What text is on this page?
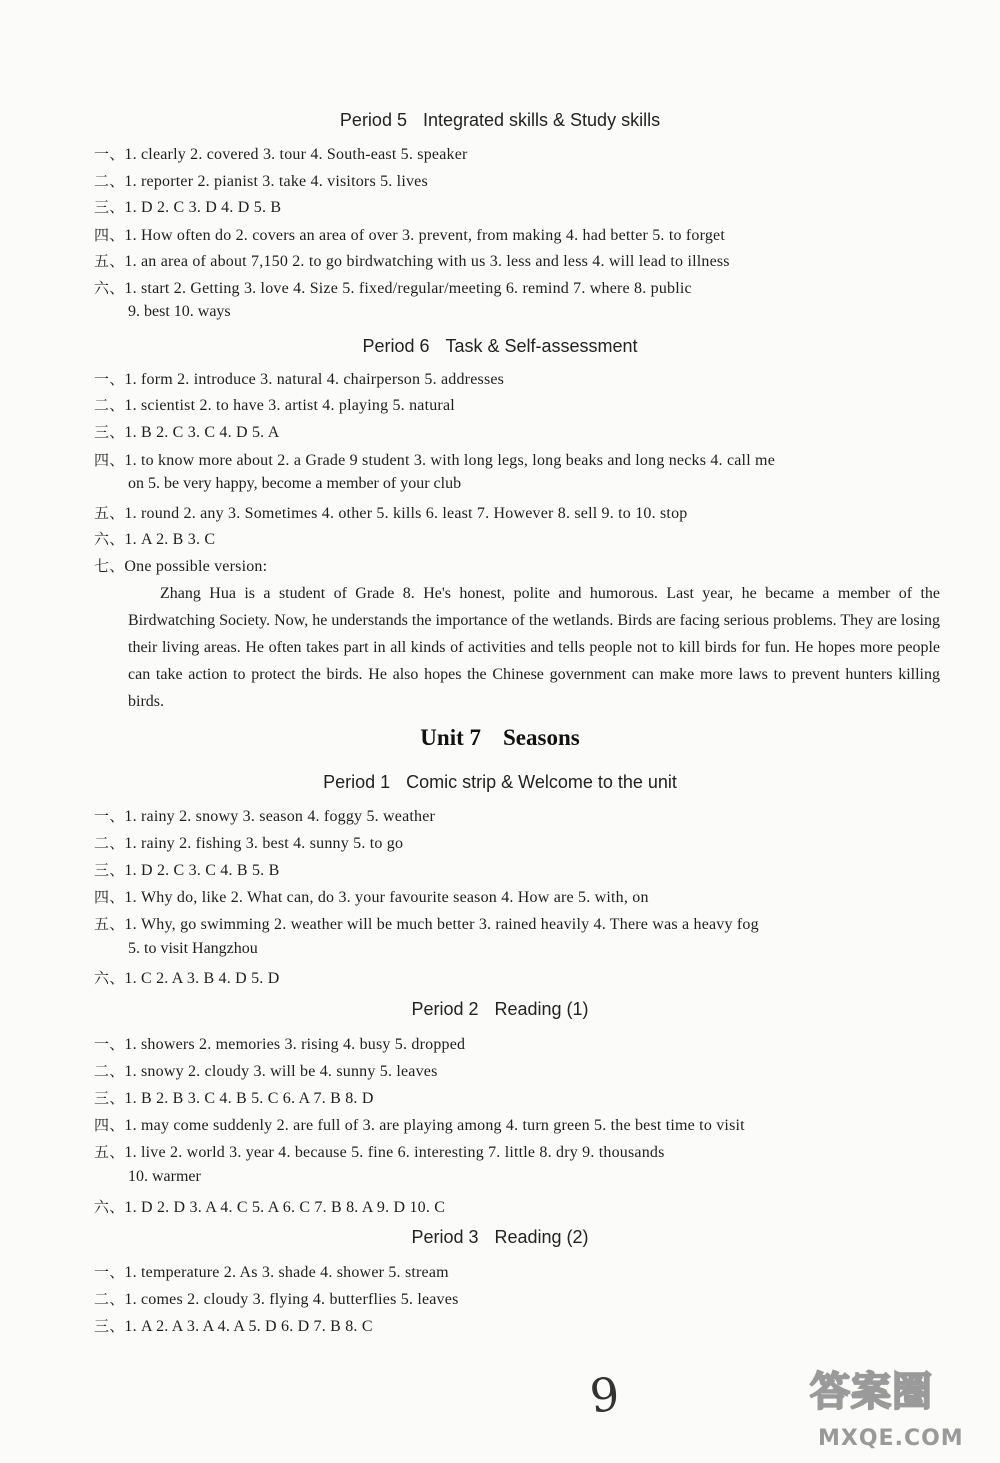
Period 5 Integrated skills & Study skills
一、1. clearly 2. covered 3. tour 4. South-east 5. speaker
二、1. reporter 2. pianist 3. take 4. visitors 5. lives
三、1. D 2. C 3. D 4. D 5. B
四、1. How often do 2. covers an area of over 3. prevent, from making 4. had better 5. to forget
五、1. an area of about 7,150 2. to go birdwatching with us 3. less and less 4. will lead to illness
六、1. start 2. Getting 3. love 4. Size 5. fixed/regular/meeting 6. remind 7. where 8. public
9. best 10. ways
Period 6 Task & Self-assessment
一、1. form 2. introduce 3. natural 4. chairperson 5. addresses
二、1. scientist 2. to have 3. artist 4. playing 5. natural
三、1. B 2. C 3. C 4. D 5. A
四、1. to know more about 2. a Grade 9 student 3. with long legs, long beaks and long necks 4. call me
on 5. be very happy, become a member of your club
五、1. round 2. any 3. Sometimes 4. other 5. kills 6. least 7. However 8. sell 9. to 10. stop
六、1. A 2. B 3. C
七、One possible version:
Zhang Hua is a student of Grade 8. He's honest, polite and humorous. Last year, he became a member of the Birdwatching Society. Now, he understands the importance of the wetlands. Birds are facing serious problems. They are losing their living areas. He often takes part in all kinds of activities and tells people not to kill birds for fun. He hopes more people can take action to protect the birds. He also hopes the Chinese government can make more laws to prevent hunters killing birds.
Unit 7 Seasons
Period 1 Comic strip & Welcome to the unit
一、1. rainy 2. snowy 3. season 4. foggy 5. weather
二、1. rainy 2. fishing 3. best 4. sunny 5. to go
三、1. D 2. C 3. C 4. B 5. B
四、1. Why do, like 2. What can, do 3. your favourite season 4. How are 5. with, on
五、1. Why, go swimming 2. weather will be much better 3. rained heavily 4. There was a heavy fog
5. to visit Hangzhou
六、1. C 2. A 3. B 4. D 5. D
Period 2 Reading (1)
一、1. showers 2. memories 3. rising 4. busy 5. dropped
二、1. snowy 2. cloudy 3. will be 4. sunny 5. leaves
三、1. B 2. B 3. C 4. B 5. C 6. A 7. B 8. D
四、1. may come suddenly 2. are full of 3. are playing among 4. turn green 5. the best time to visit
五、1. live 2. world 3. year 4. because 5. fine 6. interesting 7. little 8. dry 9. thousands
10. warmer
六、1. D 2. D 3. A 4. C 5. A 6. C 7. B 8. A 9. D 10. C
Period 3 Reading (2)
一、1. temperature 2. As 3. shade 4. shower 5. stream
二、1. comes 2. cloudy 3. flying 4. butterflies 5. leaves
三、1. A 2. A 3. A 4. A 5. D 6. D 7. B 8. C
9	答案圈
MXQE.COM
